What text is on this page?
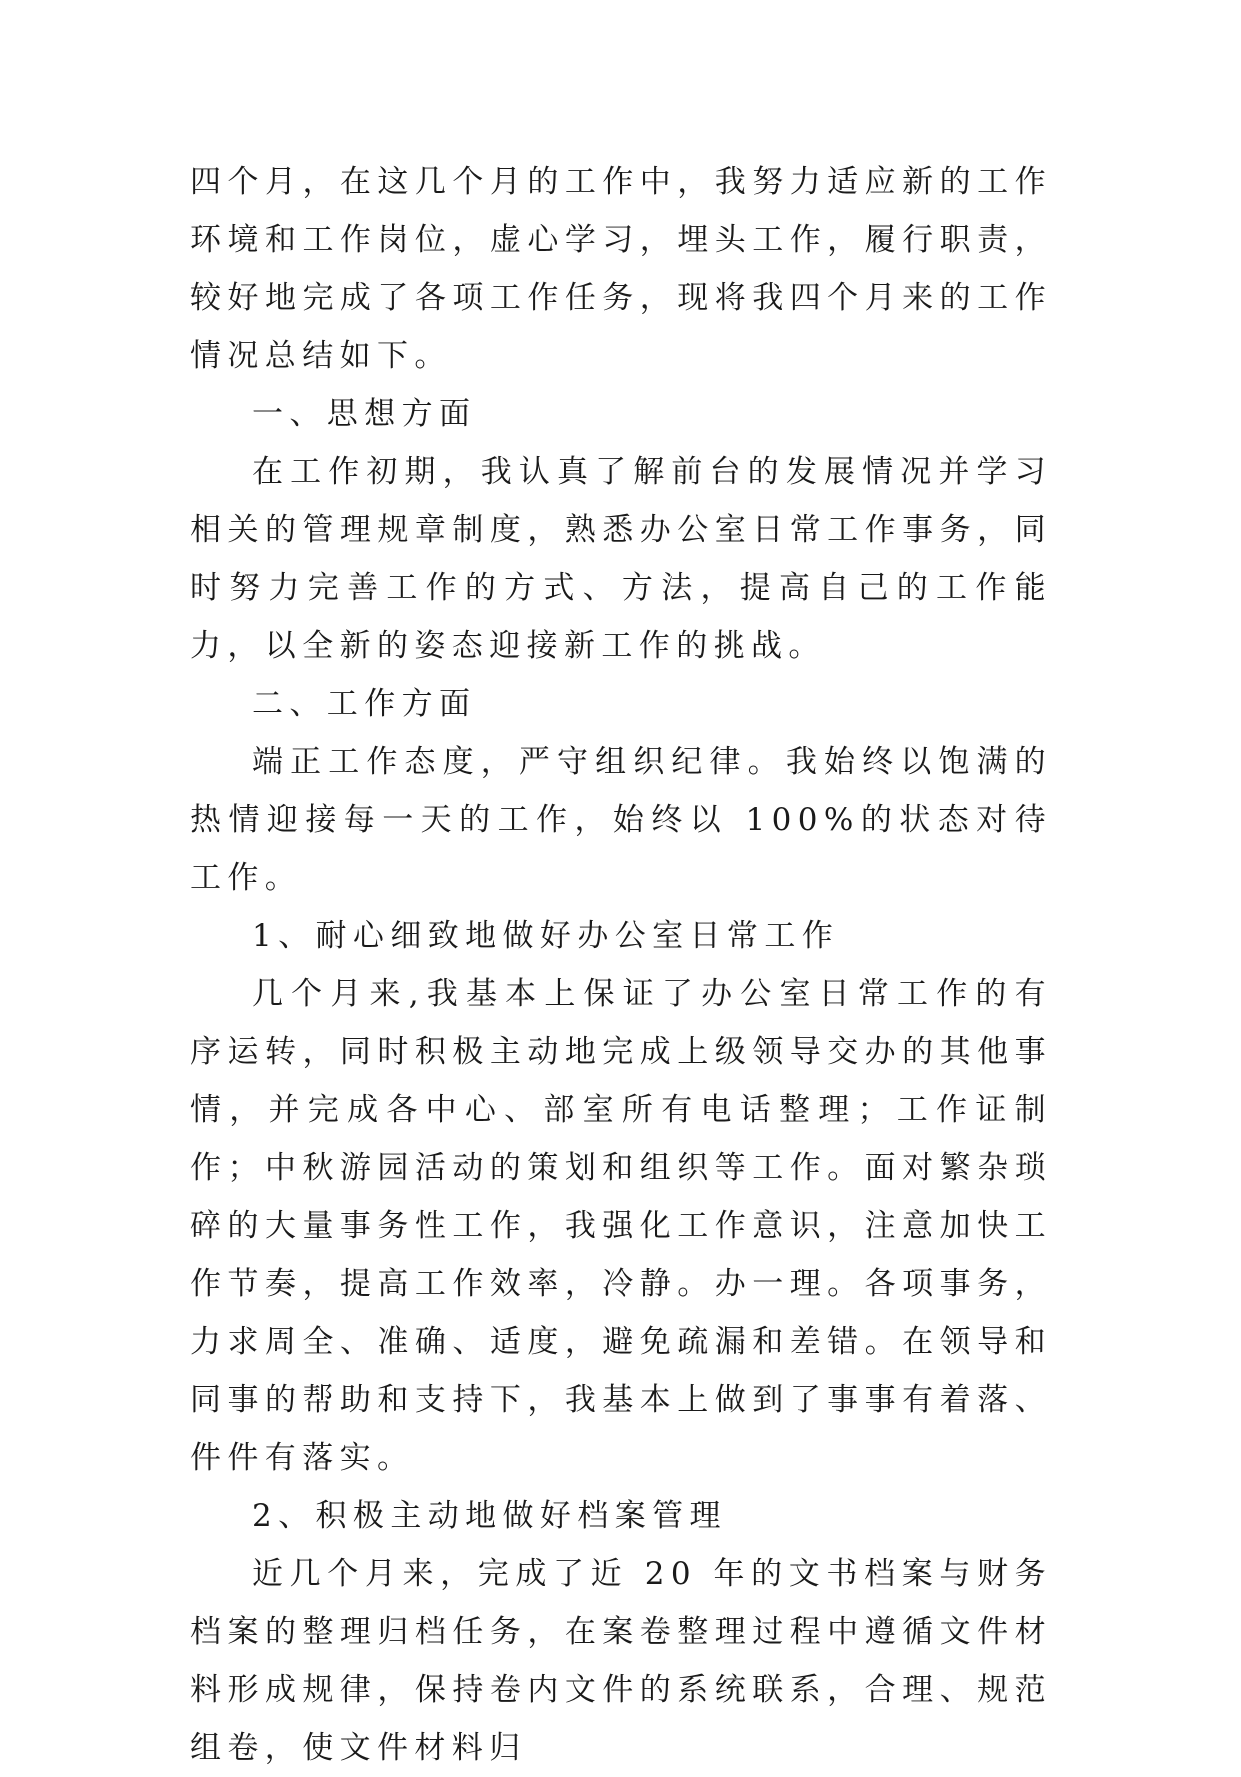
四个月，在这几个月的工作中，我努力适应新的工作环境和工作岗位，虚心学习，埋头工作，履行职责，较好地完成了各项工作任务，现将我四个月来的工作情况总结如下。

一、思想方面

在工作初期，我认真了解前台的发展情况并学习相关的管理规章制度，熟悉办公室日常工作事务，同时努力完善工作的方式、方法，提高自己的工作能力，以全新的姿态迎接新工作的挑战。

二、工作方面

端正工作态度，严守组织纪律。我始终以饱满的热情迎接每一天的工作，始终以 100%的状态对待工作。

1、耐心细致地做好办公室日常工作

几个月来,我基本上保证了办公室日常工作的有序运转，同时积极主动地完成上级领导交办的其他事情，并完成各中心、部室所有电话整理；工作证制作；中秋游园活动的策划和组织等工作。面对繁杂琐碎的大量事务性工作，我强化工作意识，注意加快工作节奏，提高工作效率，冷静。办一理。各项事务，力求周全、准确、适度，避免疏漏和差错。在领导和同事的帮助和支持下，我基本上做到了事事有着落、件件有落实。

2、积极主动地做好档案管理

近几个月来，完成了近 20 年的文书档案与财务档案的整理归档任务，在案卷整理过程中遵循文件材料形成规律，保持卷内文件的系统联系，合理、规范组卷，使文件材料归
